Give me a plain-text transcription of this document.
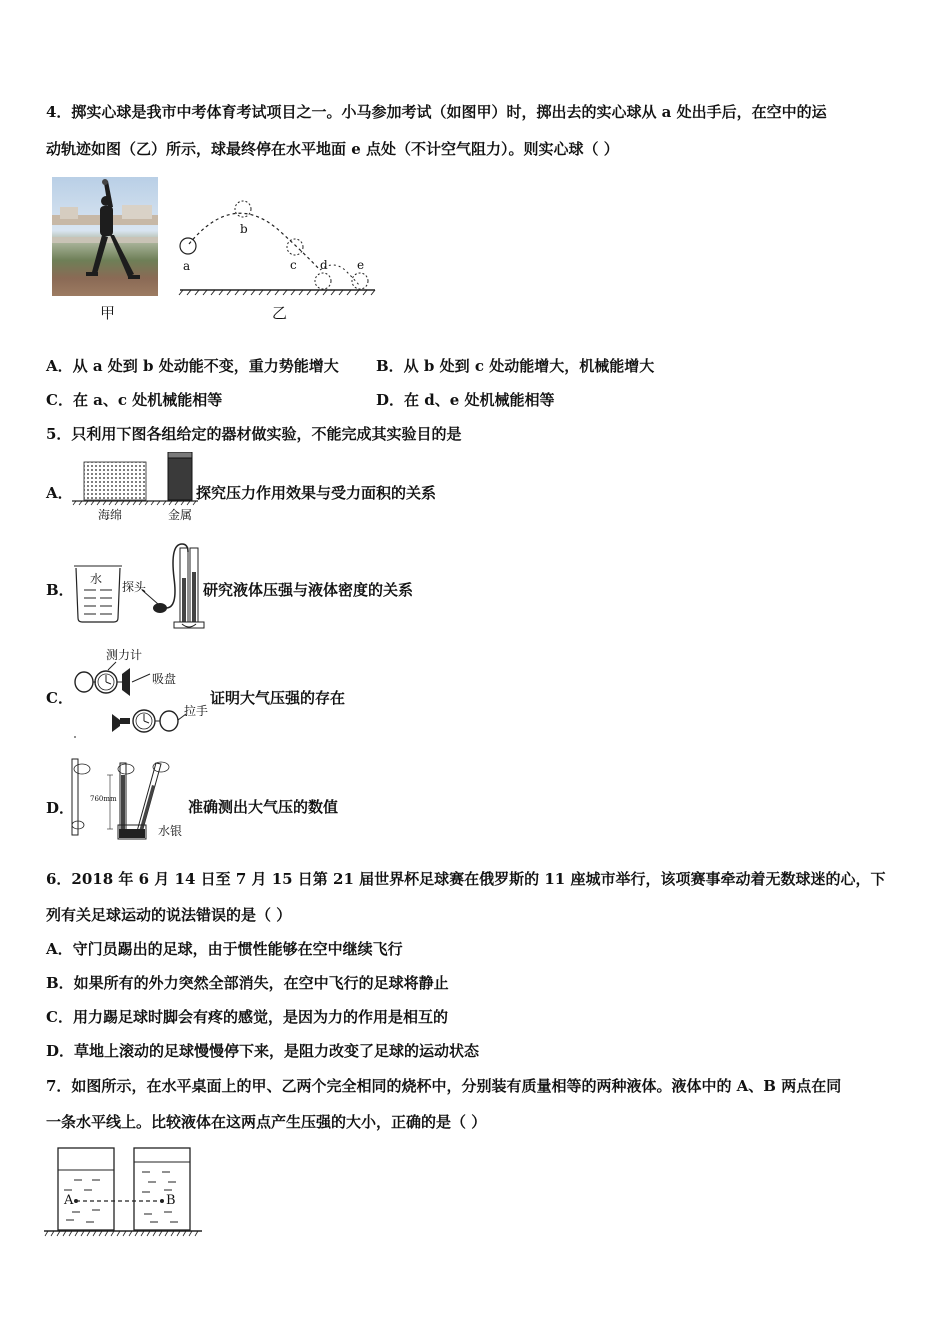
4．掷实心球是我市中考体育考试项目之一。小马参加考试（如图甲）时，掷出去的实心球从 a 处出手后，在空中的运
动轨迹如图（乙）所示，球最终停在水平地面 e 点处（不计空气阻力）。则实心球（ ）
甲
a
b
c d e
乙
A．从 a 处到 b 处动能不变，重力势能增大 B．从 b 处到 c 处动能增大，机械能增大
C．在 a、c 处机械能相等	D．在 d、e 处机械能相等
5．只利用下图各组给定的器材做实验，不能完成其实验目的是
A．
海绵	金属
探究压力作用效果与受力面积的关系
B．
水
探头	研究液体压强与液体密度的关系
C．
测力计
吸盘
拉手
证明大气压强的存在
D． 760mm
水银
准确测出大气压的数值
6．2018 年 6 月 14 日至 7 月 15 日第 21 届世界杯足球赛在俄罗斯的 11 座城市举行，该项赛事牵动着无数球迷的心，下
列有关足球运动的说法错误的是（ ）
A．守门员踢出的足球，由于惯性能够在空中继续飞行
B．如果所有的外力突然全部消失，在空中飞行的足球将静止
C．用力踢足球时脚会有疼的感觉，是因为力的作用是相互的
D．草地上滚动的足球慢慢停下来，是阻力改变了足球的运动状态
7．如图所示，在水平桌面上的甲、乙两个完全相同的烧杯中，分别装有质量相等的两种液体。液体中的 A、B 两点在同
一条水平线上。比较液体在这两点产生压强的大小，正确的是（ ）
A	B
